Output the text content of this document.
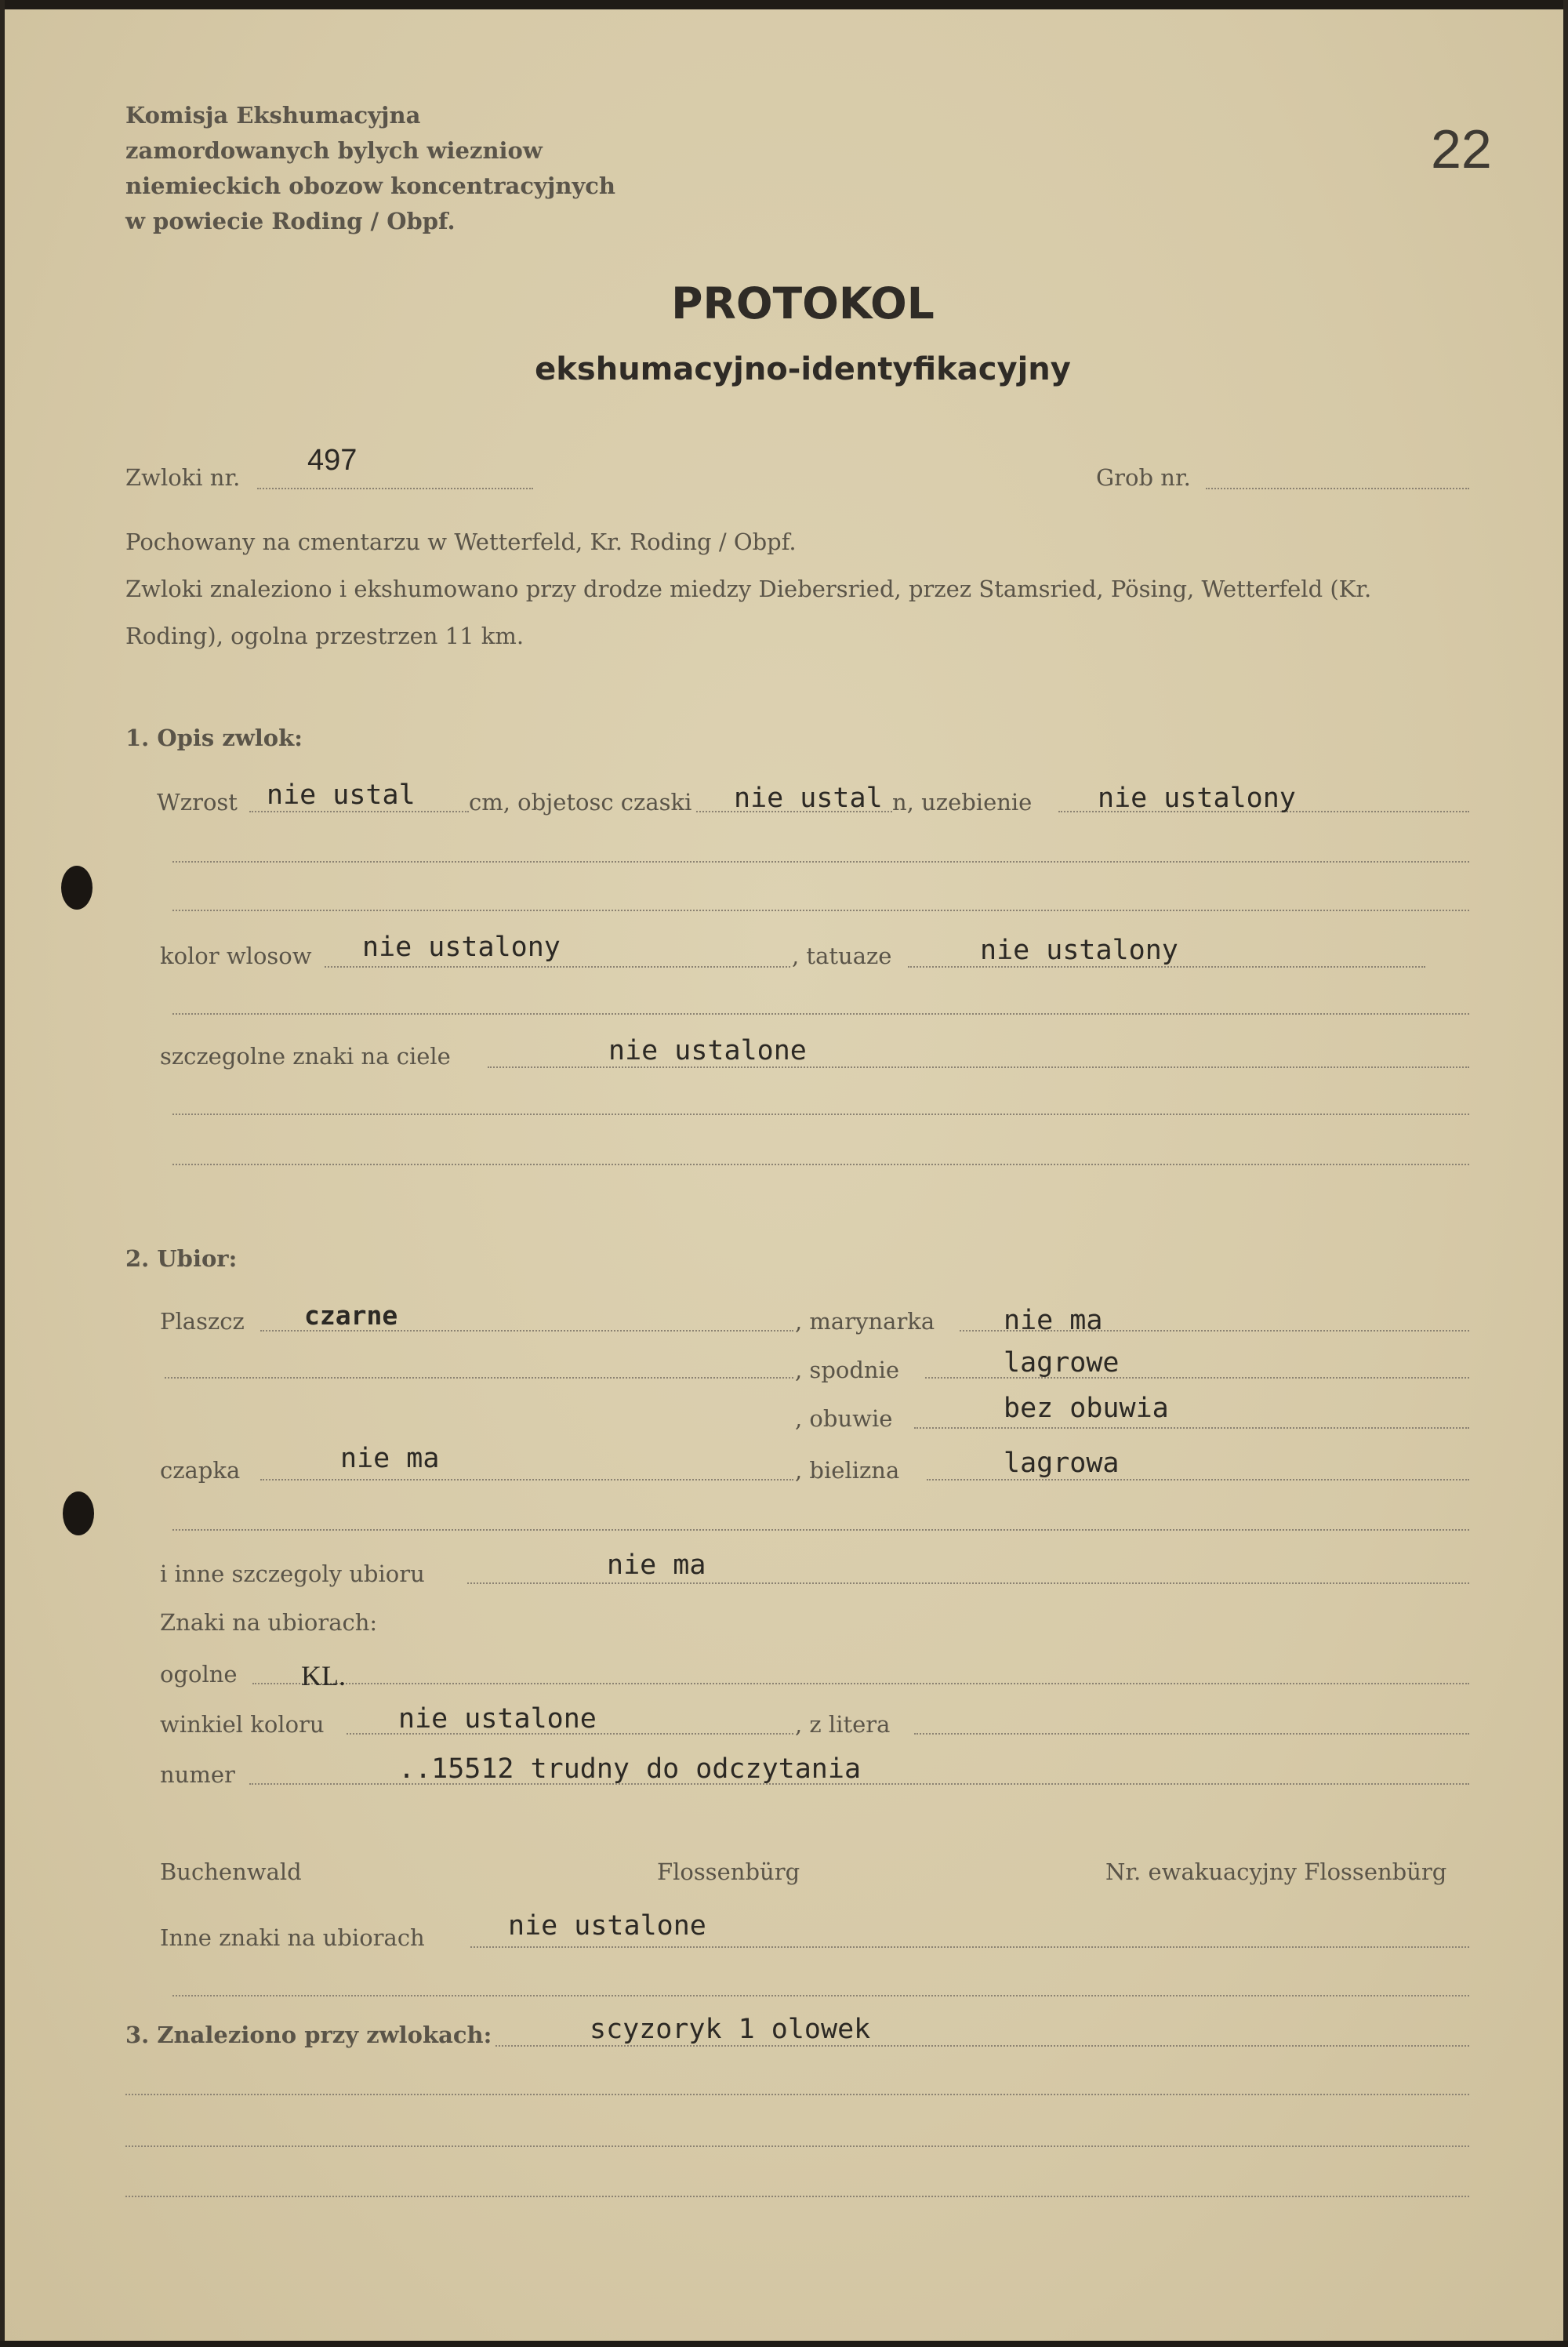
Komisja Ekshumacyjna
zamordowanych bylych wiezniow
niemieckich obozow koncentracyjnych
w powiecie Roding / Obpf.
22
PROTOKOL
ekshumacyjno-identyfikacyjny
Zwloki nr.
497
Grob nr.
Pochowany na cmentarzu w Wetterfeld, Kr. Roding / Obpf.
Zwloki znaleziono i ekshumowano przy drodze miedzy Diebersried, przez Stamsried, Pösing, Wetterfeld (Kr.
Roding), ogolna przestrzen 11 km.
1. Opis zwlok:
Wzrost nie ustal cm, objetosc czaski nie ustal n, uzebienie nie ustalony
kolor wlosow nie ustalony	, tatuaze	nie ustalony
szczegolne znaki na ciele	nie ustalone
2. Ubior:
Plaszcz czarne	, marynarka	nie ma
, spodnie	lagrowe
, obuwie	bez obuwia
czapka	nie ma	, bielizna	lagrowa
i inne szczegoly ubioru	nie ma
Znaki na ubiorach:
ogolne KL.
winkiel koloru	nie ustalone	, z litera
numer	..15512 trudny do odczytania
Buchenwald	Flossenbürg	Nr. ewakuacyjny Flossenbürg
Inne znaki na ubiorach	nie ustalone
3. Znaleziono przy zwlokach:	scyzoryk 1 olowek
